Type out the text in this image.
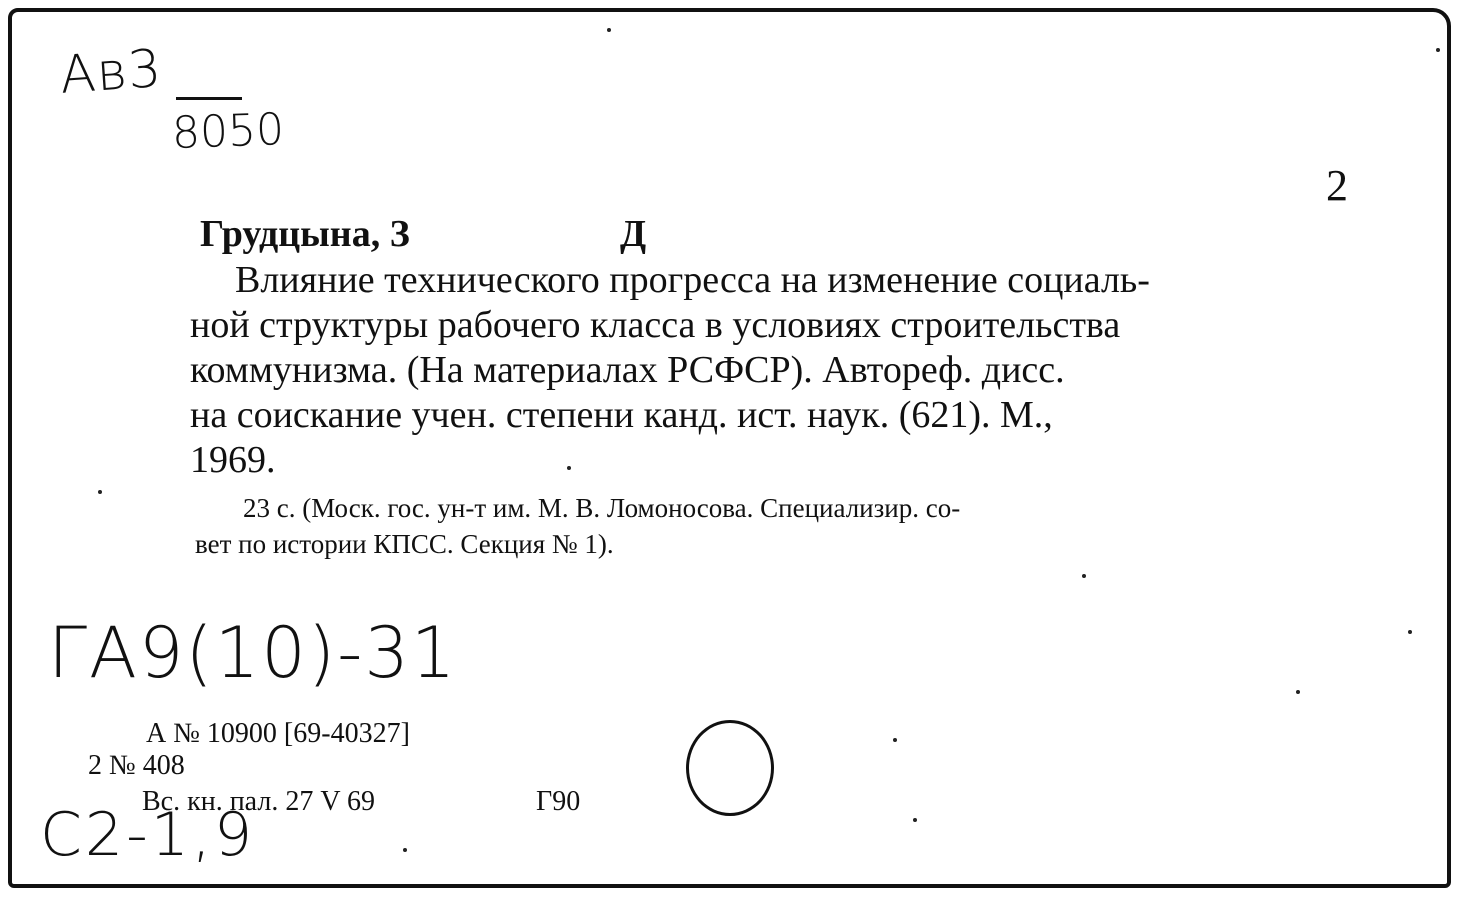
Ав3
8050
2
Грудцына, З	Д
Влияние технического прогресса на изменение социаль-
ной структуры рабочего класса в условиях строительства
коммунизма. (На материалах РСФСР). Автореф. дисс.
на соискание учен. степени канд. ист. наук. (621). М.,
1969.
23 с. (Моск. гос. ун-т им. М. В. Ломоносова. Специализир. со-
вет по истории КПСС. Секция № 1).
ГА9(10)-31
А № 10900 [69-40327]
2 № 408
Вс. кн. пал. 27 V 69	Г90
С2-1,9
